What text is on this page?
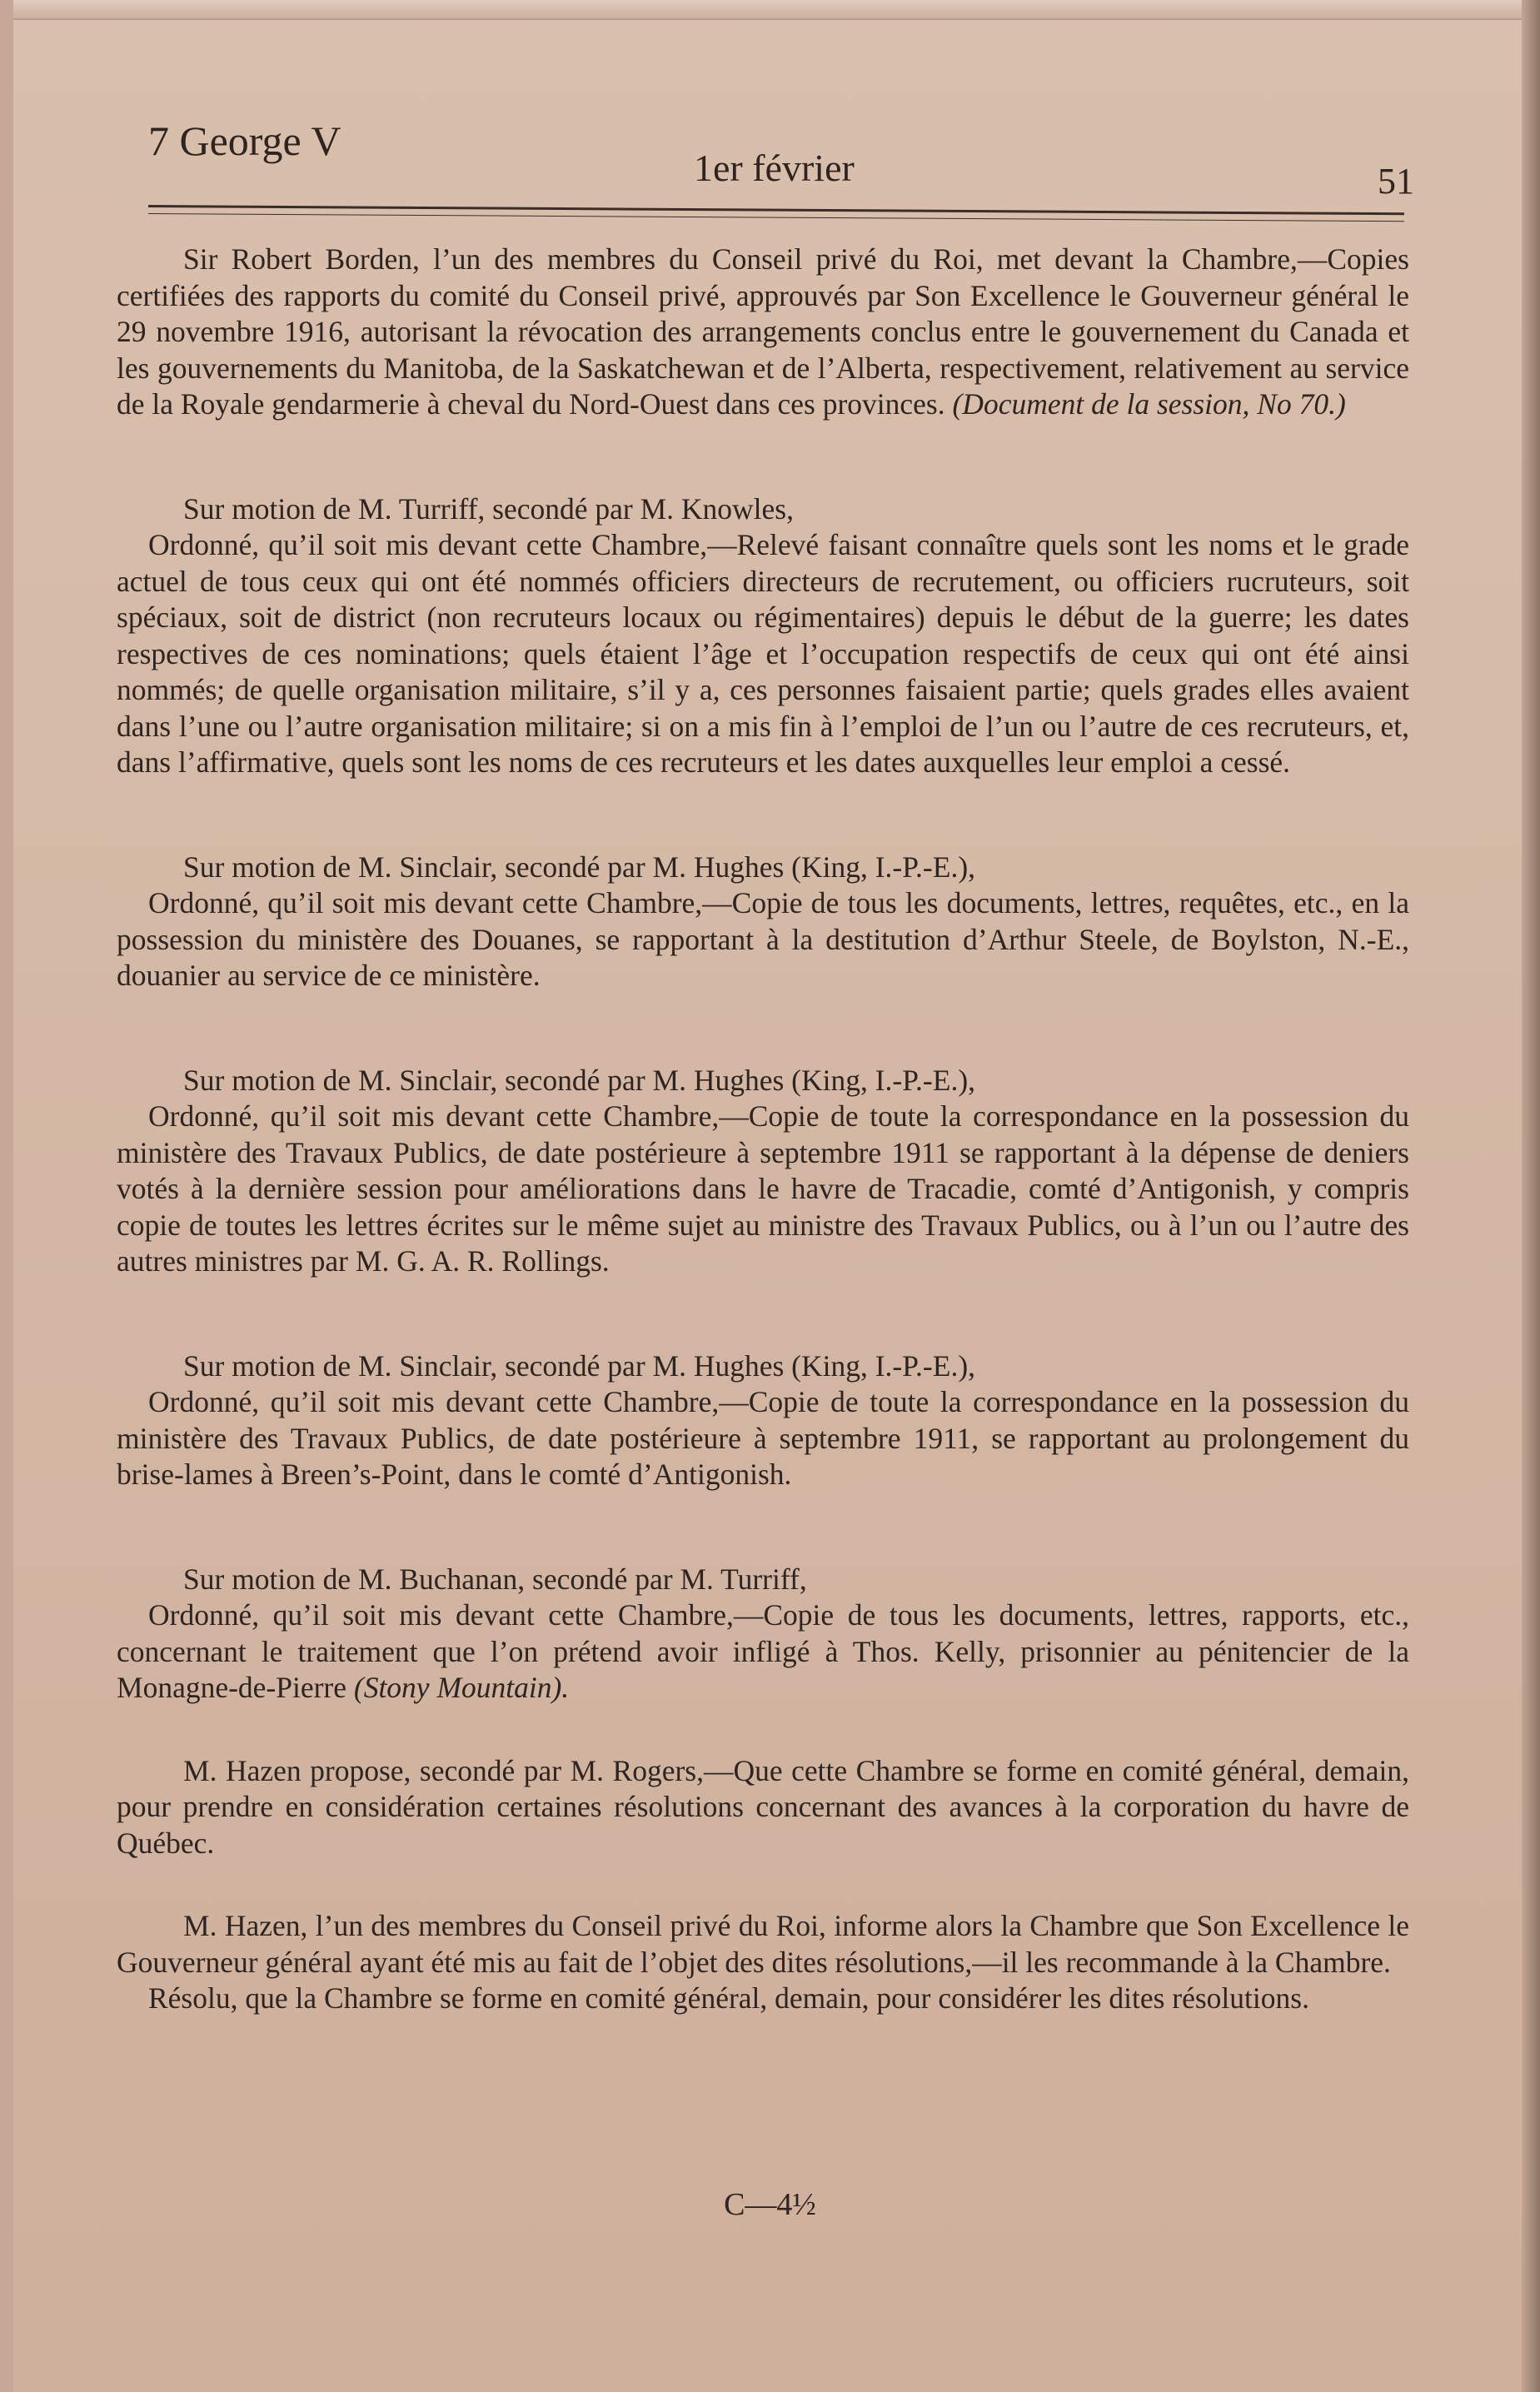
7 George V
1er février	51

Sir Robert Borden, l’un des membres du Conseil privé du Roi, met devant la Chambre,—Copies certifiées des rapports du comité du Conseil privé, approuvés par Son Excellence le Gouverneur général le 29 novembre 1916, autorisant la révocation des arrangements conclus entre le gouvernement du Canada et les gouvernements du Manitoba, de la Saskatchewan et de l’Alberta, respectivement, relativement au service de la Royale gendarmerie à cheval du Nord-Ouest dans ces provinces. (Document de la session, No 70.)

Sur motion de M. Turriff, secondé par M. Knowles,

Ordonné, qu’il soit mis devant cette Chambre,—Relevé faisant connaître quels sont les noms et le grade actuel de tous ceux qui ont été nommés officiers directeurs de recrutement, ou officiers rucruteurs, soit spéciaux, soit de district (non recruteurs locaux ou régimentaires) depuis le début de la guerre; les dates respectives de ces nominations; quels étaient l’âge et l’occupation respectifs de ceux qui ont été ainsi nommés; de quelle organisation militaire, s’il y a, ces personnes faisaient partie; quels grades elles avaient dans l’une ou l’autre organisation militaire; si on a mis fin à l’emploi de l’un ou l’autre de ces recruteurs, et, dans l’affirmative, quels sont les noms de ces recruteurs et les dates auxquelles leur emploi a cessé.

Sur motion de M. Sinclair, secondé par M. Hughes (King, I.-P.-E.),

Ordonné, qu’il soit mis devant cette Chambre,—Copie de tous les documents, lettres, requêtes, etc., en la possession du ministère des Douanes, se rapportant à la destitution d’Arthur Steele, de Boylston, N.-E., douanier au service de ce ministère.

Sur motion de M. Sinclair, secondé par M. Hughes (King, I.-P.-E.),

Ordonné, qu’il soit mis devant cette Chambre,—Copie de toute la correspondance en la possession du ministère des Travaux Publics, de date postérieure à septembre 1911 se rapportant à la dépense de deniers votés à la dernière session pour améliorations dans le havre de Tracadie, comté d’Antigonish, y compris copie de toutes les lettres écrites sur le même sujet au ministre des Travaux Publics, ou à l’un ou l’autre des autres ministres par M. G. A. R. Rollings.

Sur motion de M. Sinclair, secondé par M. Hughes (King, I.-P.-E.),

Ordonné, qu’il soit mis devant cette Chambre,—Copie de toute la correspondance en la possession du ministère des Travaux Publics, de date postérieure à septembre 1911, se rapportant au prolongement du brise-lames à Breen’s-Point, dans le comté d’Antigonish.

Sur motion de M. Buchanan, secondé par M. Turriff,

Ordonné, qu’il soit mis devant cette Chambre,—Copie de tous les documents, lettres, rapports, etc., concernant le traitement que l’on prétend avoir infligé à Thos. Kelly, prisonnier au pénitencier de la Monagne-de-Pierre (Stony Mountain).

M. Hazen propose, secondé par M. Rogers,—Que cette Chambre se forme en comité général, demain, pour prendre en considération certaines résolutions concernant des avances à la corporation du havre de Québec.

M. Hazen, l’un des membres du Conseil privé du Roi, informe alors la Chambre que Son Excellence le Gouverneur général ayant été mis au fait de l’objet des dites résolutions,—il les recommande à la Chambre.

Résolu, que la Chambre se forme en comité général, demain, pour considérer les dites résolutions.

C—4½
